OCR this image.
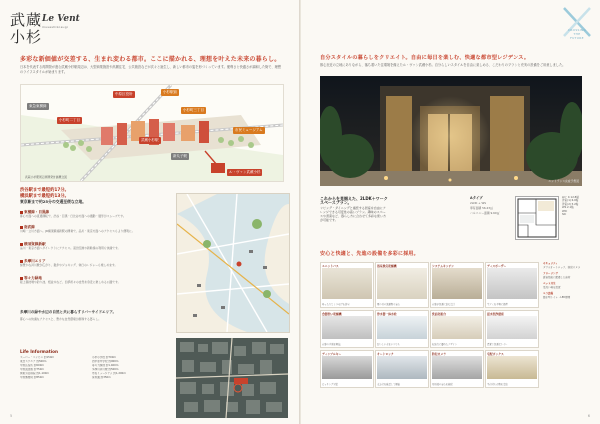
武蔵
小杉
Le Vent
musashikosugi
多彩な新価値が交差する、生まれ変わる都市。ここに描かれる、理想を叶えた未来の暮らし。
日本を代表する再開発が進む武蔵小杉駅周辺は、大型商業施設や高層住宅、公共施設などが次々と誕生し、新しい都市の姿を形づくっています。便利さと快適さが調和した街で、理想のライフスタイルが始まります。
東急東横線
中原区役所	小杉駅前
小杉町二丁目
小杉町三丁目
武蔵小杉駅
市民ミュージアム
新丸子駅
ル・ヴァン武蔵小杉
武蔵小杉駅周辺再開発計画概念図
渋谷駅まで最短約17分。
横浜駅まで最短約13分。
東京駅まで約25分の交通至便な立地。
東横線・目黒線
都心方面への直通運転で、渋谷・目黒・日比谷方面への通勤・通学がスムーズです。
南武線
川崎・立川方面へ。JR横須賀線新駅の開業で、品川・東京方面へのアクセスもより便利に。
横須賀線新駅
品川・東京方面へダイレクトにアクセス。羽田空港や新幹線の利用も快適です。
多摩川エリア
緑豊かな河川敷が広がり、散歩やジョギング、休日のレジャーも楽しめます。
等々力緑地
陸上競技場や釣り池、桜並木など、四季折々の自然を身近に楽しめる公園です。
多摩川の緑や水辺の自然と共に暮らすリバーサイドエリア。
都心への快適なアクセスと、豊かな自然環境が調和する暮らし。
Life Information
スーパー・コンビニ 約150m
東急スクエア 約500m
中原区役所 約600m
中原図書館 約750m
関東労災病院 約1,100m
中原郵便局 約850m
小杉小学校 約700m
西中原中学校 約900m
等々力緑地 約1,400m
多摩川河川敷 約500m
市民ミュージアム 約1,200m
保育園 約350m
5
自分スタイルの暮らしをクリエイト。自由に毎日を楽しむ、快適な都市型レジデンス。
都心至近の立地にありながら、落ち着いた住環境を備えたル・ヴァン武蔵小杉。自分らしいスタイルを自由に楽しめる、こだわりのプランと充実の設備をご用意しました。
6
CROSSING
THE
FUTURE
エントランス完成予想図
これからを見据えた、2LDK＋ワークスペースプラン。
リビング・ダイニングと連続する居室を自由にアレンジできる可変性の高いプラン。趣味のスペースや書斎など、暮らし方に合わせて多彩な使い方が可能です。
Aタイプ
2LDK + WS
専有面積 56.23㎡
バルコニー面積 9.60㎡
LD・K 12.8帖
洋室(1) 6.0帖
洋室(2) 5.2帖
WS 2.1帖
WIC
SIC
安心と快適と、先進の設備を多彩に採用。
ユニットバス
ゆったりとくつろげる浴室
浴室換気乾燥機
雨の日の洗濯物も安心
システムキッチン
家事が快適に進む設計
ディスポーザー
生ゴミを手軽に処理
食器洗い乾燥機
家事の手間を軽減
浄水器一体水栓
おいしい水をいつでも
洗面化粧台
収納力に優れたデザイン
温水洗浄便座
清潔で快適なトイレ
ディンプルキー
ピッキング対策
オートロック
来訪者を確認して解錠
防犯カメラ
共用部の安心を確保
宅配ボックス
不在時も荷物を受取
セキュリティ
ダブルオートロック、防犯カメラ
フローリング
遮音性能に配慮した床材
ペット共生
足洗い場を設置
エコ設備
節水型トイレ・LED照明
